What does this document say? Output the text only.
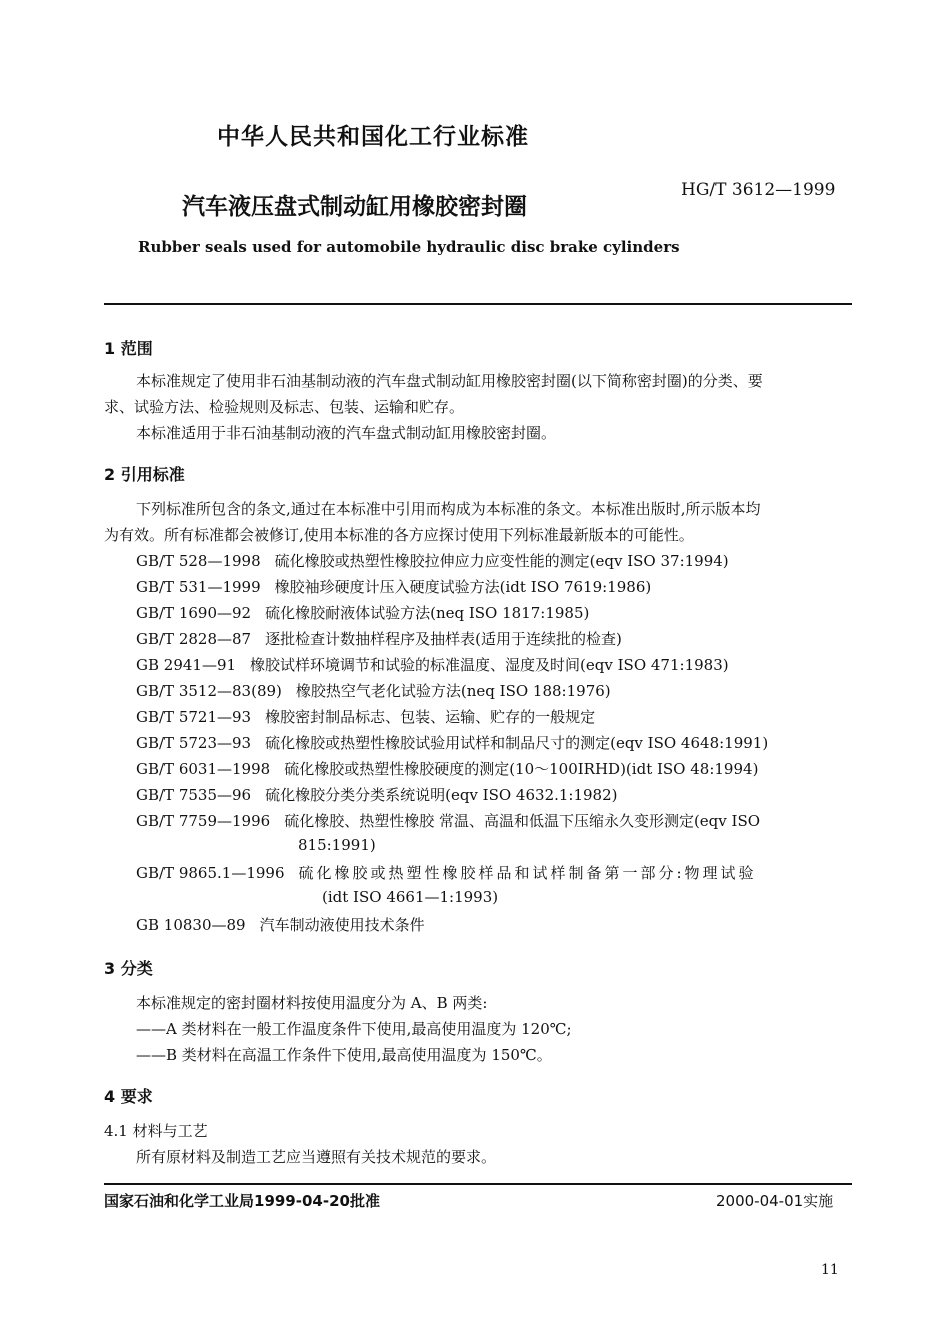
中华人民共和国化工行业标准
HG/T 3612—1999
汽车液压盘式制动缸用橡胶密封圈
Rubber seals used for automobile hydraulic disc brake cylinders
1 范围
本标准规定了使用非石油基制动液的汽车盘式制动缸用橡胶密封圈(以下简称密封圈)的分类、要
求、试验方法、检验规则及标志、包装、运输和贮存。
本标准适用于非石油基制动液的汽车盘式制动缸用橡胶密封圈。
2 引用标准
下列标准所包含的条文,通过在本标准中引用而构成为本标准的条文。本标准出版时,所示版本均
为有效。所有标准都会被修订,使用本标准的各方应探讨使用下列标准最新版本的可能性。
GB/T 528—1998 硫化橡胶或热塑性橡胶拉伸应力应变性能的测定(eqv ISO 37:1994)
GB/T 531—1999 橡胶袖珍硬度计压入硬度试验方法(idt ISO 7619:1986)
GB/T 1690—92 硫化橡胶耐液体试验方法(neq ISO 1817:1985)
GB/T 2828—87 逐批检查计数抽样程序及抽样表(适用于连续批的检查)
GB 2941—91 橡胶试样环境调节和试验的标准温度、湿度及时间(eqv ISO 471:1983)
GB/T 3512—83(89) 橡胶热空气老化试验方法(neq ISO 188:1976)
GB/T 5721—93 橡胶密封制品标志、包装、运输、贮存的一般规定
GB/T 5723—93 硫化橡胶或热塑性橡胶试验用试样和制品尺寸的测定(eqv ISO 4648:1991)
GB/T 6031—1998 硫化橡胶或热塑性橡胶硬度的测定(10～100IRHD)(idt ISO 48:1994)
GB/T 7535—96 硫化橡胶分类分类系统说明(eqv ISO 4632.1:1982)
GB/T 7759—1996 硫化橡胶、热塑性橡胶 常温、高温和低温下压缩永久变形测定(eqv ISO
815:1991)
GB/T 9865.1—1996 硫化橡胶或热塑性橡胶样品和试样制备第一部分:物理试验
(idt ISO 4661—1:1993)
GB 10830—89 汽车制动液使用技术条件
3 分类
本标准规定的密封圈材料按使用温度分为 A、B 两类:
——A 类材料在一般工作温度条件下使用,最高使用温度为 120℃;
——B 类材料在高温工作条件下使用,最高使用温度为 150℃。
4 要求
4.1 材料与工艺
所有原材料及制造工艺应当遵照有关技术规范的要求。
国家石油和化学工业局1999-04-20批准	2000-04-01实施
11
